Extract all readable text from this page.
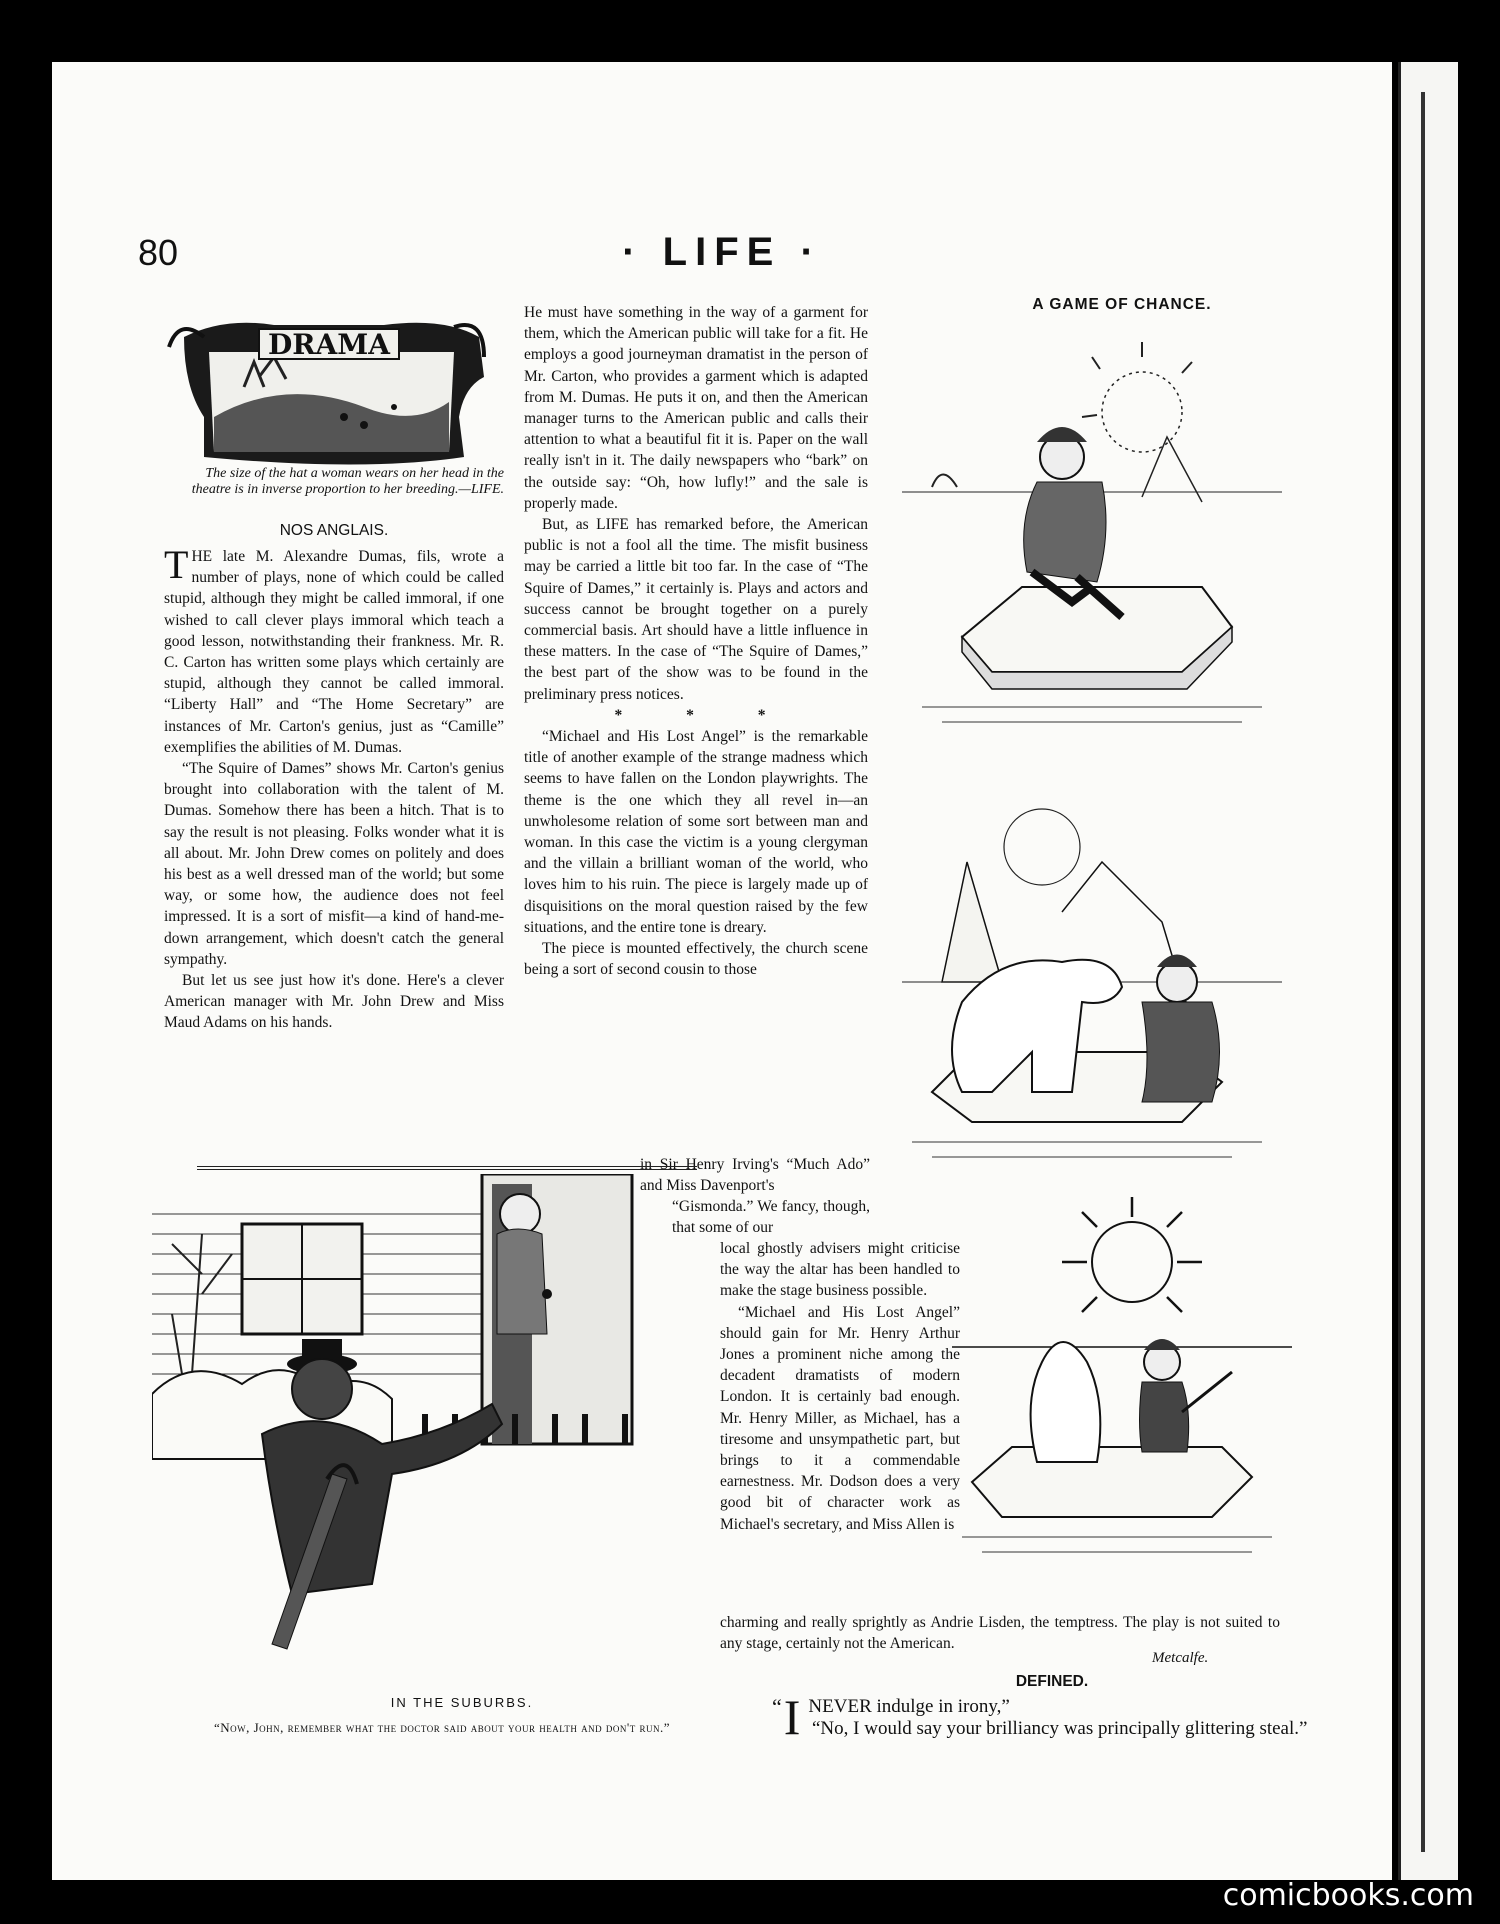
80	· LIFE ·
DRAMA
The size of the hat a woman wears on her head in the theatre is in inverse proportion to her breeding.—LIFE.
NOS ANGLAIS.

THE late M. Alexandre Dumas, fils, wrote a number of plays, none of which could be called stupid, although they might be called immoral, if one wished to call clever plays immoral which teach a good lesson, notwithstanding their frankness. Mr. R. C. Carton has written some plays which certainly are stupid, although they cannot be called immoral. “Liberty Hall” and “The Home Secretary” are instances of Mr. Carton's genius, just as “Camille” exemplifies the abilities of M. Dumas.

“The Squire of Dames” shows Mr. Carton's genius brought into collaboration with the talent of M. Dumas. Somehow there has been a hitch. That is to say the result is not pleasing. Folks wonder what it is all about. Mr. John Drew comes on politely and does his best as a well dressed man of the world; but some way, or some how, the audience does not feel impressed. It is a sort of misfit—a kind of hand-me-down arrangement, which doesn't catch the general sympathy.

But let us see just how it's done. Here's a clever American manager with Mr. John Drew and Miss Maud Adams on his hands.

He must have something in the way of a garment for them, which the American public will take for a fit. He employs a good journeyman dramatist in the person of Mr. Carton, who provides a garment which is adapted from M. Dumas. He puts it on, and then the American manager turns to the American public and calls their attention to what a beautiful fit it is. Paper on the wall really isn't in it. The daily newspapers who “bark” on the outside say: “Oh, how lufly!” and the sale is properly made.

But, as LIFE has remarked before, the American public is not a fool all the time. The misfit business may be carried a little bit too far. In the case of “The Squire of Dames,” it certainly is. Plays and actors and success cannot be brought together on a purely commercial basis. Art should have a little influence in these matters. In the case of “The Squire of Dames,” the best part of the show was to be found in the preliminary press notices.

* * *

“Michael and His Lost Angel” is the remarkable title of another example of the strange madness which seems to have fallen on the London playwrights. The theme is the one which they all revel in—an unwholesome relation of some sort between man and woman. In this case the victim is a young clergyman and the villain a brilliant woman of the world, who loves him to his ruin. The piece is largely made up of disquisitions on the moral question raised by the few situations, and the entire tone is dreary.

The piece is mounted effectively, the church scene being a sort of second cousin to those

in Sir Henry Irving's “Much Ado” and Miss Davenport's

“Gismonda.” We fancy, though, that some of our

local ghostly advisers might criticise the way the altar has been handled to make the stage business possible.

“Michael and His Lost Angel” should gain for Mr. Henry Arthur Jones a prominent niche among the decadent dramatists of modern London. It is certainly bad enough. Mr. Henry Miller, as Michael, has a tiresome and unsympathetic part, but brings to it a commendable earnestness. Mr. Dodson does a very good bit of character work as Michael's secretary, and Miss Allen is

charming and really sprightly as Andrie Lisden, the temptress. The play is not suited to any stage, certainly not the American.

Metcalfe.
A GAME OF CHANCE.
IN THE SUBURBS.
“Now, John, remember what the doctor said about your health and don't run.”
DEFINED.
“ I NEVER indulge in irony,”
“No, I would say your brilliancy was principally glittering steal.”
comicbooks.com
